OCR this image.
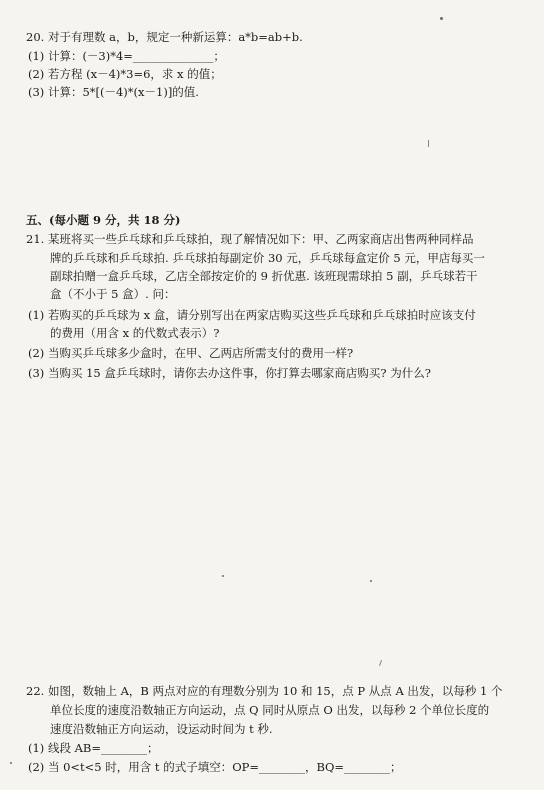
20. 对于有理数 a，b，规定一种新运算：a*b=ab+b.
(1) 计算：(－3)*4=______________；
(2) 若方程 (x－4)*3=6，求 x 的值；
(3) 计算：5*[(－4)*(x－1)]的值.
五、(每小题 9 分，共 18 分)
21. 某班将买一些乒乓球和乒乓球拍，现了解情况如下：甲、乙两家商店出售两种同样品
牌的乒乓球和乒乓球拍. 乒乓球拍每副定价 30 元，乒乓球每盒定价 5 元，甲店每买一
副球拍赠一盒乒乓球，乙店全部按定价的 9 折优惠. 该班现需球拍 5 副，乒乓球若干
盒（不小于 5 盒）. 问：
(1) 若购买的乒乓球为 x 盒，请分别写出在两家店购买这些乒乓球和乒乓球拍时应该支付
的费用（用含 x 的代数式表示）?
(2) 当购买乒乓球多少盒时，在甲、乙两店所需支付的费用一样?
(3) 当购买 15 盒乒乓球时，请你去办这件事，你打算去哪家商店购买? 为什么?
22. 如图，数轴上 A，B 两点对应的有理数分别为 10 和 15，点 P 从点 A 出发，以每秒 1 个
单位长度的速度沿数轴正方向运动，点 Q 同时从原点 O 出发，以每秒 2 个单位长度的
速度沿数轴正方向运动，设运动时间为 t 秒.
(1) 线段 AB=________；
(2) 当 0<t<5 时，用含 t 的式子填空：OP=________，BQ=________；
